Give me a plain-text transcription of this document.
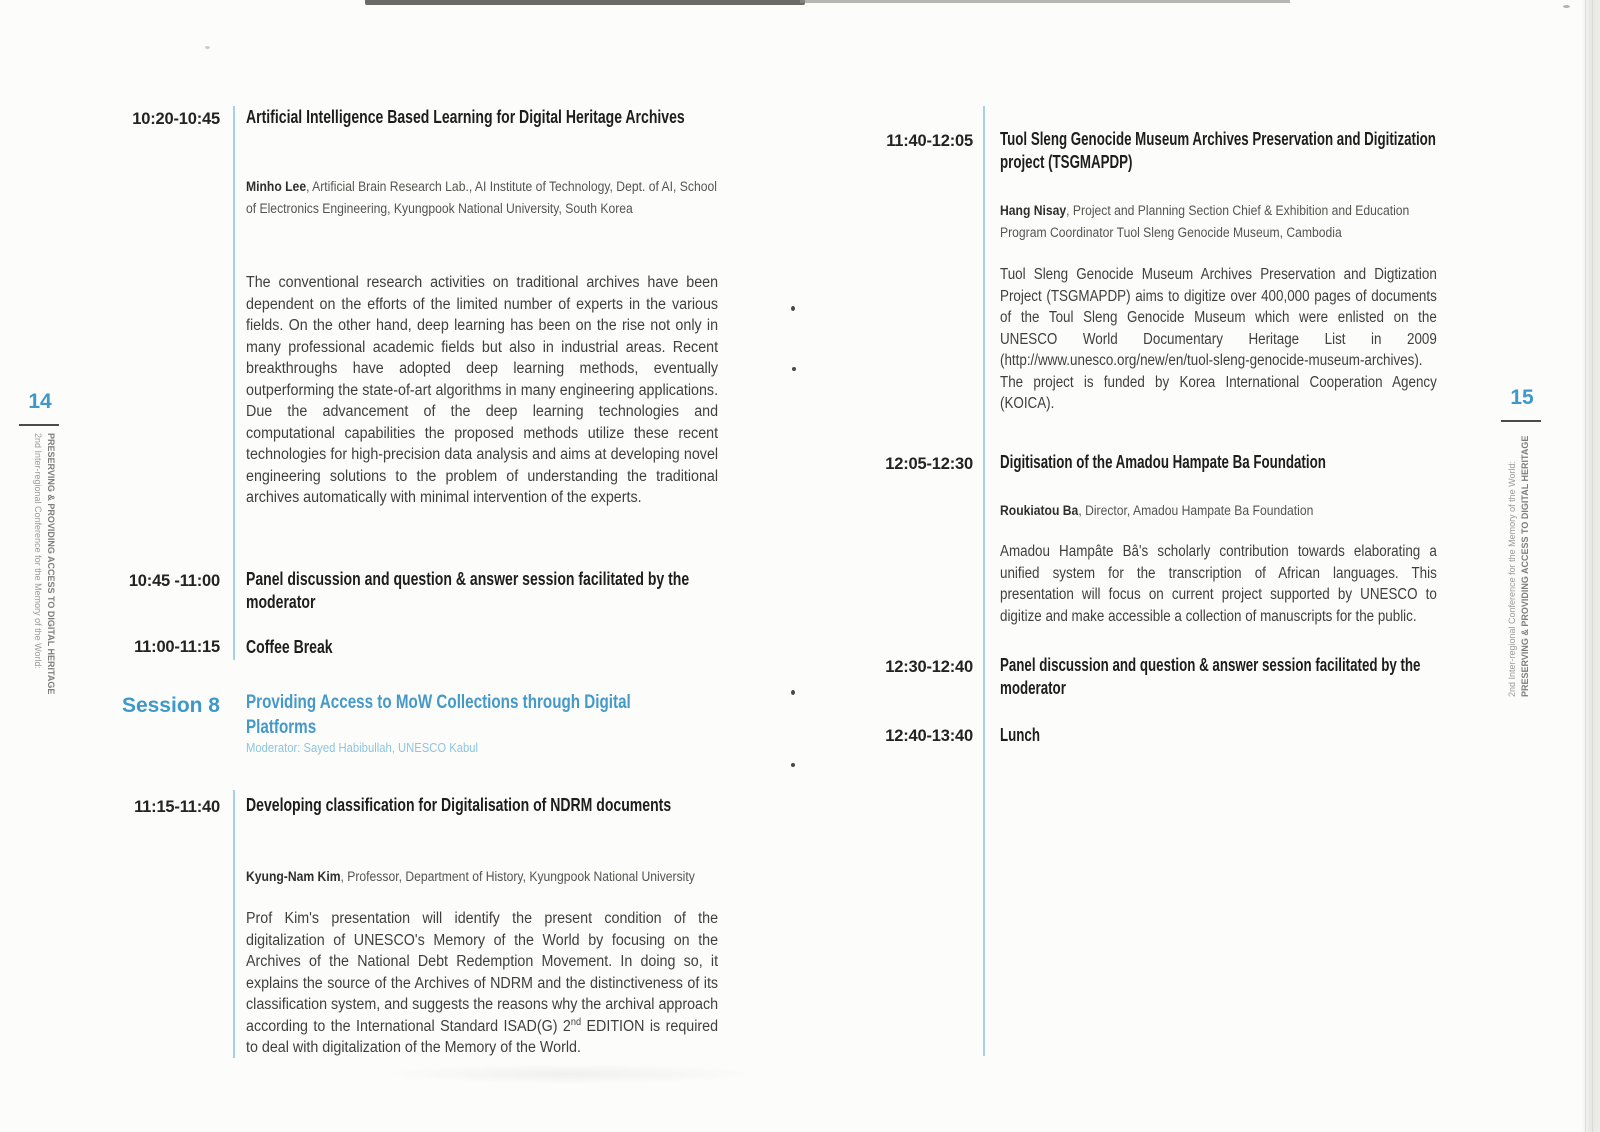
14
PRESERVING & PROVIDING ACCESS TO DIGITAL HERITAGE
2nd Inter-regional Conference for the Memory of the World:
15
2nd Inter-regional Conference for the Memory of the World: PRESERVING & PROVIDING ACCESS TO DIGITAL HERITAGE
10:20-10:45 Artificial Intelligence Based Learning for Digital Heritage Archives
Minho Lee, Artificial Brain Research Lab., AI Institute of Technology, Dept. of AI, School of Electronics Engineering, Kyungpook National University, South Korea
The conventional research activities on traditional archives have been dependent on the efforts of the limited number of experts in the various fields. On the other hand, deep learning has been on the rise not only in many professional academic fields but also in industrial areas. Recent breakthroughs have adopted deep learning methods, eventually outperforming the state-of-art algorithms in many engineering applications. Due the advancement of the deep learning technologies and computational capabilities the proposed methods utilize these recent technologies for high-precision data analysis and aims at developing novel engineering solutions to the problem of understanding the traditional archives automatically with minimal intervention of the experts.
10:45 -11:00 Panel discussion and question & answer session facilitated by the moderator
11:00-11:15 Coffee Break
Session 8 Providing Access to MoW Collections through Digital Platforms
Moderator: Sayed Habibullah, UNESCO Kabul
11:15-11:40 Developing classification for Digitalisation of NDRM documents
Kyung-Nam Kim, Professor, Department of History, Kyungpook National University
Prof Kim's presentation will identify the present condition of the digitalization of UNESCO's Memory of the World by focusing on the Archives of the National Debt Redemption Movement. In doing so, it explains the source of the Archives of NDRM and the distinctiveness of its classification system, and suggests the reasons why the archival approach according to the International Standard ISAD(G) 2nd EDITION is required to deal with digitalization of the Memory of the World.
11:40-12:05 Tuol Sleng Genocide Museum Archives Preservation and Digitization project (TSGMAPDP)
Hang Nisay, Project and Planning Section Chief & Exhibition and Education Program Coordinator Tuol Sleng Genocide Museum, Cambodia
Tuol Sleng Genocide Museum Archives Preservation and Digtization Project (TSGMAPDP) aims to digitize over 400,000 pages of documents of the Toul Sleng Genocide Museum which were enlisted on the UNESCO World Documentary Heritage List in 2009 (http://www.unesco.org/new/en/tuol-sleng-genocide-museum-archives). The project is funded by Korea International Cooperation Agency (KOICA).
12:05-12:30 Digitisation of the Amadou Hampate Ba Foundation
Roukiatou Ba, Director, Amadou Hampate Ba Foundation
Amadou Hampâte Bâ's scholarly contribution towards elaborating a unified system for the transcription of African languages. This presentation will focus on current project supported by UNESCO to digitize and make accessible a collection of manuscripts for the public.
12:30-12:40 Panel discussion and question & answer session facilitated by the moderator
12:40-13:40 Lunch
